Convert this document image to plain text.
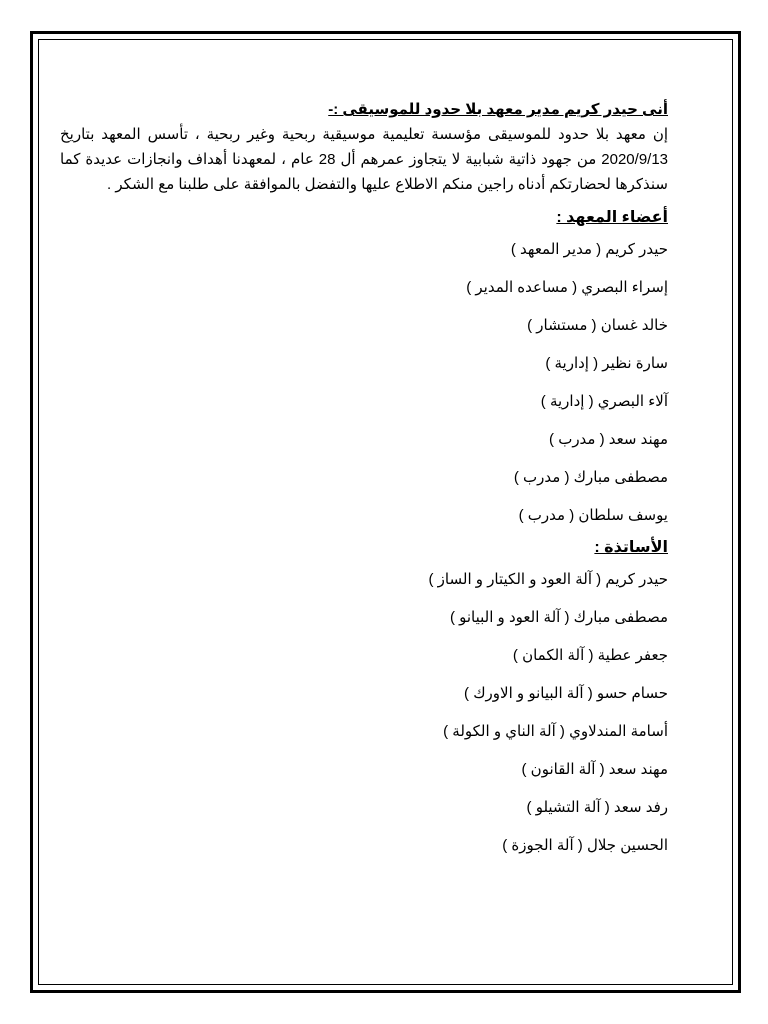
أنى حيدر كريم مدير معهد بلا حدود للموسيقى :-

إن معهد بلا حدود للموسيقى مؤسسة تعليمية موسيقية ربحية وغير ربحية ، تأسس المعهد بتاريخ 2020/9/13 من جهود ذاتية شبابية لا يتجاوز عمرهم أل 28 عام ، لمعهدنا أهداف وانجازات عديدة كما سنذكرها لحضارتكم أدناه راجين منكم الاطلاع عليها والتفضل بالموافقة على طلبنا مع الشكر .

أعضاء المعهد :
حيدر كريم ( مدير المعهد )
إسراء البصري ( مساعده المدير )
خالد غسان ( مستشار )
سارة نظير ( إدارية )
آلاء البصري ( إدارية )
مهند سعد ( مدرب )
مصطفى مبارك ( مدرب )
يوسف سلطان ( مدرب )
الأساتذة :
حيدر كريم ( آلة العود و الكيتار و الساز )
مصطفى مبارك ( آلة العود و البيانو )
جعفر عطية ( آلة الكمان )
حسام حسو ( آلة البيانو و الاورك )
أسامة المندلاوي ( آلة الناي و الكولة )
مهند سعد ( آلة القانون )
رفد سعد ( آلة التشيلو )
الحسين جلال ( آلة الجوزة )
